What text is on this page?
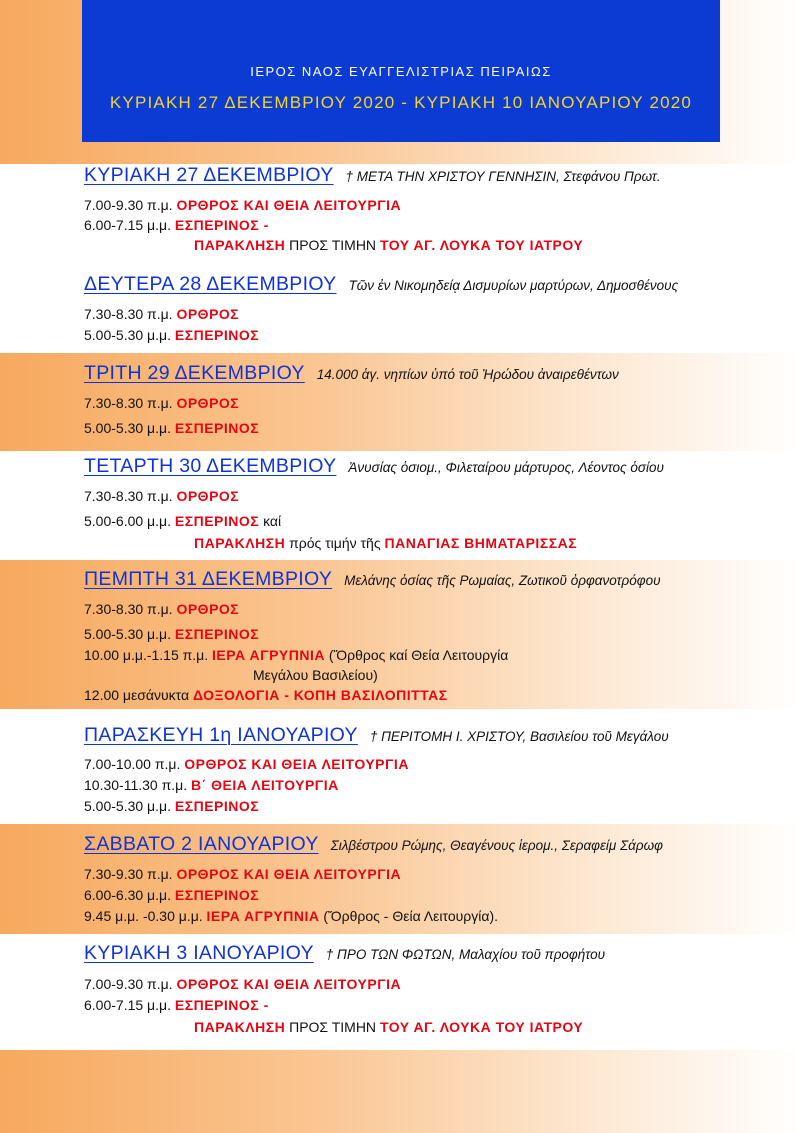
ΙΕΡΟΣ ΝΑΟΣ ΕΥΑΓΓΕΛΙΣΤΡΙΑΣ ΠΕΙΡΑΙΩΣ
ΚΥΡΙΑΚΗ 27 ΔΕΚΕΜΒΡΙΟΥ 2020 - ΚΥΡΙΑΚΗ 10 ΙΑΝΟΥΑΡΙΟΥ 2020
ΚΥΡΙΑΚΗ 27 ΔΕΚΕΜΒΡΙΟΥ † ΜΕΤΑ ΤΗΝ ΧΡΙΣΤΟΥ ΓΕΝΝΗΣΙΝ, Στεφάνου Πρωτ.
7.00-9.30 π.μ. ΟΡΘΡΟΣ ΚΑΙ ΘΕΙΑ ΛΕΙΤΟΥΡΓΙΑ
6.00-7.15 μ.μ. ΕΣΠΕΡΙΝΟΣ -
ΠΑΡΑΚΛΗΣΗ ΠΡΟΣ ΤΙΜΗΝ ΤΟΥ ΑΓ. ΛΟΥΚΑ ΤΟΥ ΙΑΤΡΟΥ
ΔΕΥΤΕΡΑ 28 ΔΕΚΕΜΒΡΙΟΥ Τῶν ἐν Νικομηδείᾳ Δισμυρίων μαρτύρων, Δημοσθένους
7.30-8.30 π.μ. ΟΡΘΡΟΣ
5.00-5.30 μ.μ. ΕΣΠΕΡΙΝΟΣ
ΤΡΙΤΗ 29 ΔΕΚΕΜΒΡΙΟΥ 14.000 ἁγ. νηπίων ὑπό τοῦ Ἡρώδου ἀναιρεθέντων
7.30-8.30 π.μ. ΟΡΘΡΟΣ
5.00-5.30 μ.μ. ΕΣΠΕΡΙΝΟΣ
ΤΕΤΑΡΤΗ 30 ΔΕΚΕΜΒΡΙΟΥ Ἀνυσίας ὁσιομ., Φιλεταίρου μάρτυρος, Λέοντος ὁσίου
7.30-8.30 π.μ. ΟΡΘΡΟΣ
5.00-6.00 μ.μ. ΕΣΠΕΡΙΝΟΣ καί
ΠΑΡΑΚΛΗΣΗ πρός τιμήν τῆς ΠΑΝΑΓΙΑΣ ΒΗΜΑΤΑΡΙΣΣΑΣ
ΠΕΜΠΤΗ 31 ΔΕΚΕΜΒΡΙΟΥ Μελάνης ὁσίας τῆς Ρωμαίας, Ζωτικοῦ ὀρφανοτρόφου
7.30-8.30 π.μ. ΟΡΘΡΟΣ
5.00-5.30 μ.μ. ΕΣΠΕΡΙΝΟΣ
10.00 μ.μ.-1.15 π.μ. ΙΕΡΑ ΑΓΡΥΠΝΙΑ (Ὄρθρος καί Θεία Λειτουργία
Μεγάλου Βασιλείου)
12.00 μεσάνυκτα ΔΟΞΟΛΟΓΙΑ - ΚΟΠΗ ΒΑΣΙΛΟΠΙΤΤΑΣ
ΠΑΡΑΣΚΕΥΗ 1η ΙΑΝΟΥΑΡΙΟΥ † ΠΕΡΙΤΟΜΗ Ι. ΧΡΙΣΤΟΥ, Βασιλείου τοῦ Μεγάλου
7.00-10.00 π.μ. ΟΡΘΡΟΣ ΚΑΙ ΘΕΙΑ ΛΕΙΤΟΥΡΓΙΑ
10.30-11.30 π.μ. Β΄ ΘΕΙΑ ΛΕΙΤΟΥΡΓΙΑ
5.00-5.30 μ.μ. ΕΣΠΕΡΙΝΟΣ
ΣΑΒΒΑΤΟ 2 ΙΑΝΟΥΑΡΙΟΥ Σιλβέστρου Ρώμης, Θεαγένους ἱερομ., Σεραφείμ Σάρωφ
7.30-9.30 π.μ. ΟΡΘΡΟΣ ΚΑΙ ΘΕΙΑ ΛΕΙΤΟΥΡΓΙΑ
6.00-6.30 μ.μ. ΕΣΠΕΡΙΝΟΣ
9.45 μ.μ. -0.30 μ.μ. ΙΕΡΑ ΑΓΡΥΠΝΙΑ (Ὄρθρος - Θεία Λειτουργία).
ΚΥΡΙΑΚΗ 3 ΙΑΝΟΥΑΡΙΟΥ † ΠΡΟ ΤΩΝ ΦΩΤΩΝ, Μαλαχίου τοῦ προφήτου
7.00-9.30 π.μ. ΟΡΘΡΟΣ ΚΑΙ ΘΕΙΑ ΛΕΙΤΟΥΡΓΙΑ
6.00-7.15 μ.μ. ΕΣΠΕΡΙΝΟΣ -
ΠΑΡΑΚΛΗΣΗ ΠΡΟΣ ΤΙΜΗΝ ΤΟΥ ΑΓ. ΛΟΥΚΑ ΤΟΥ ΙΑΤΡΟΥ
